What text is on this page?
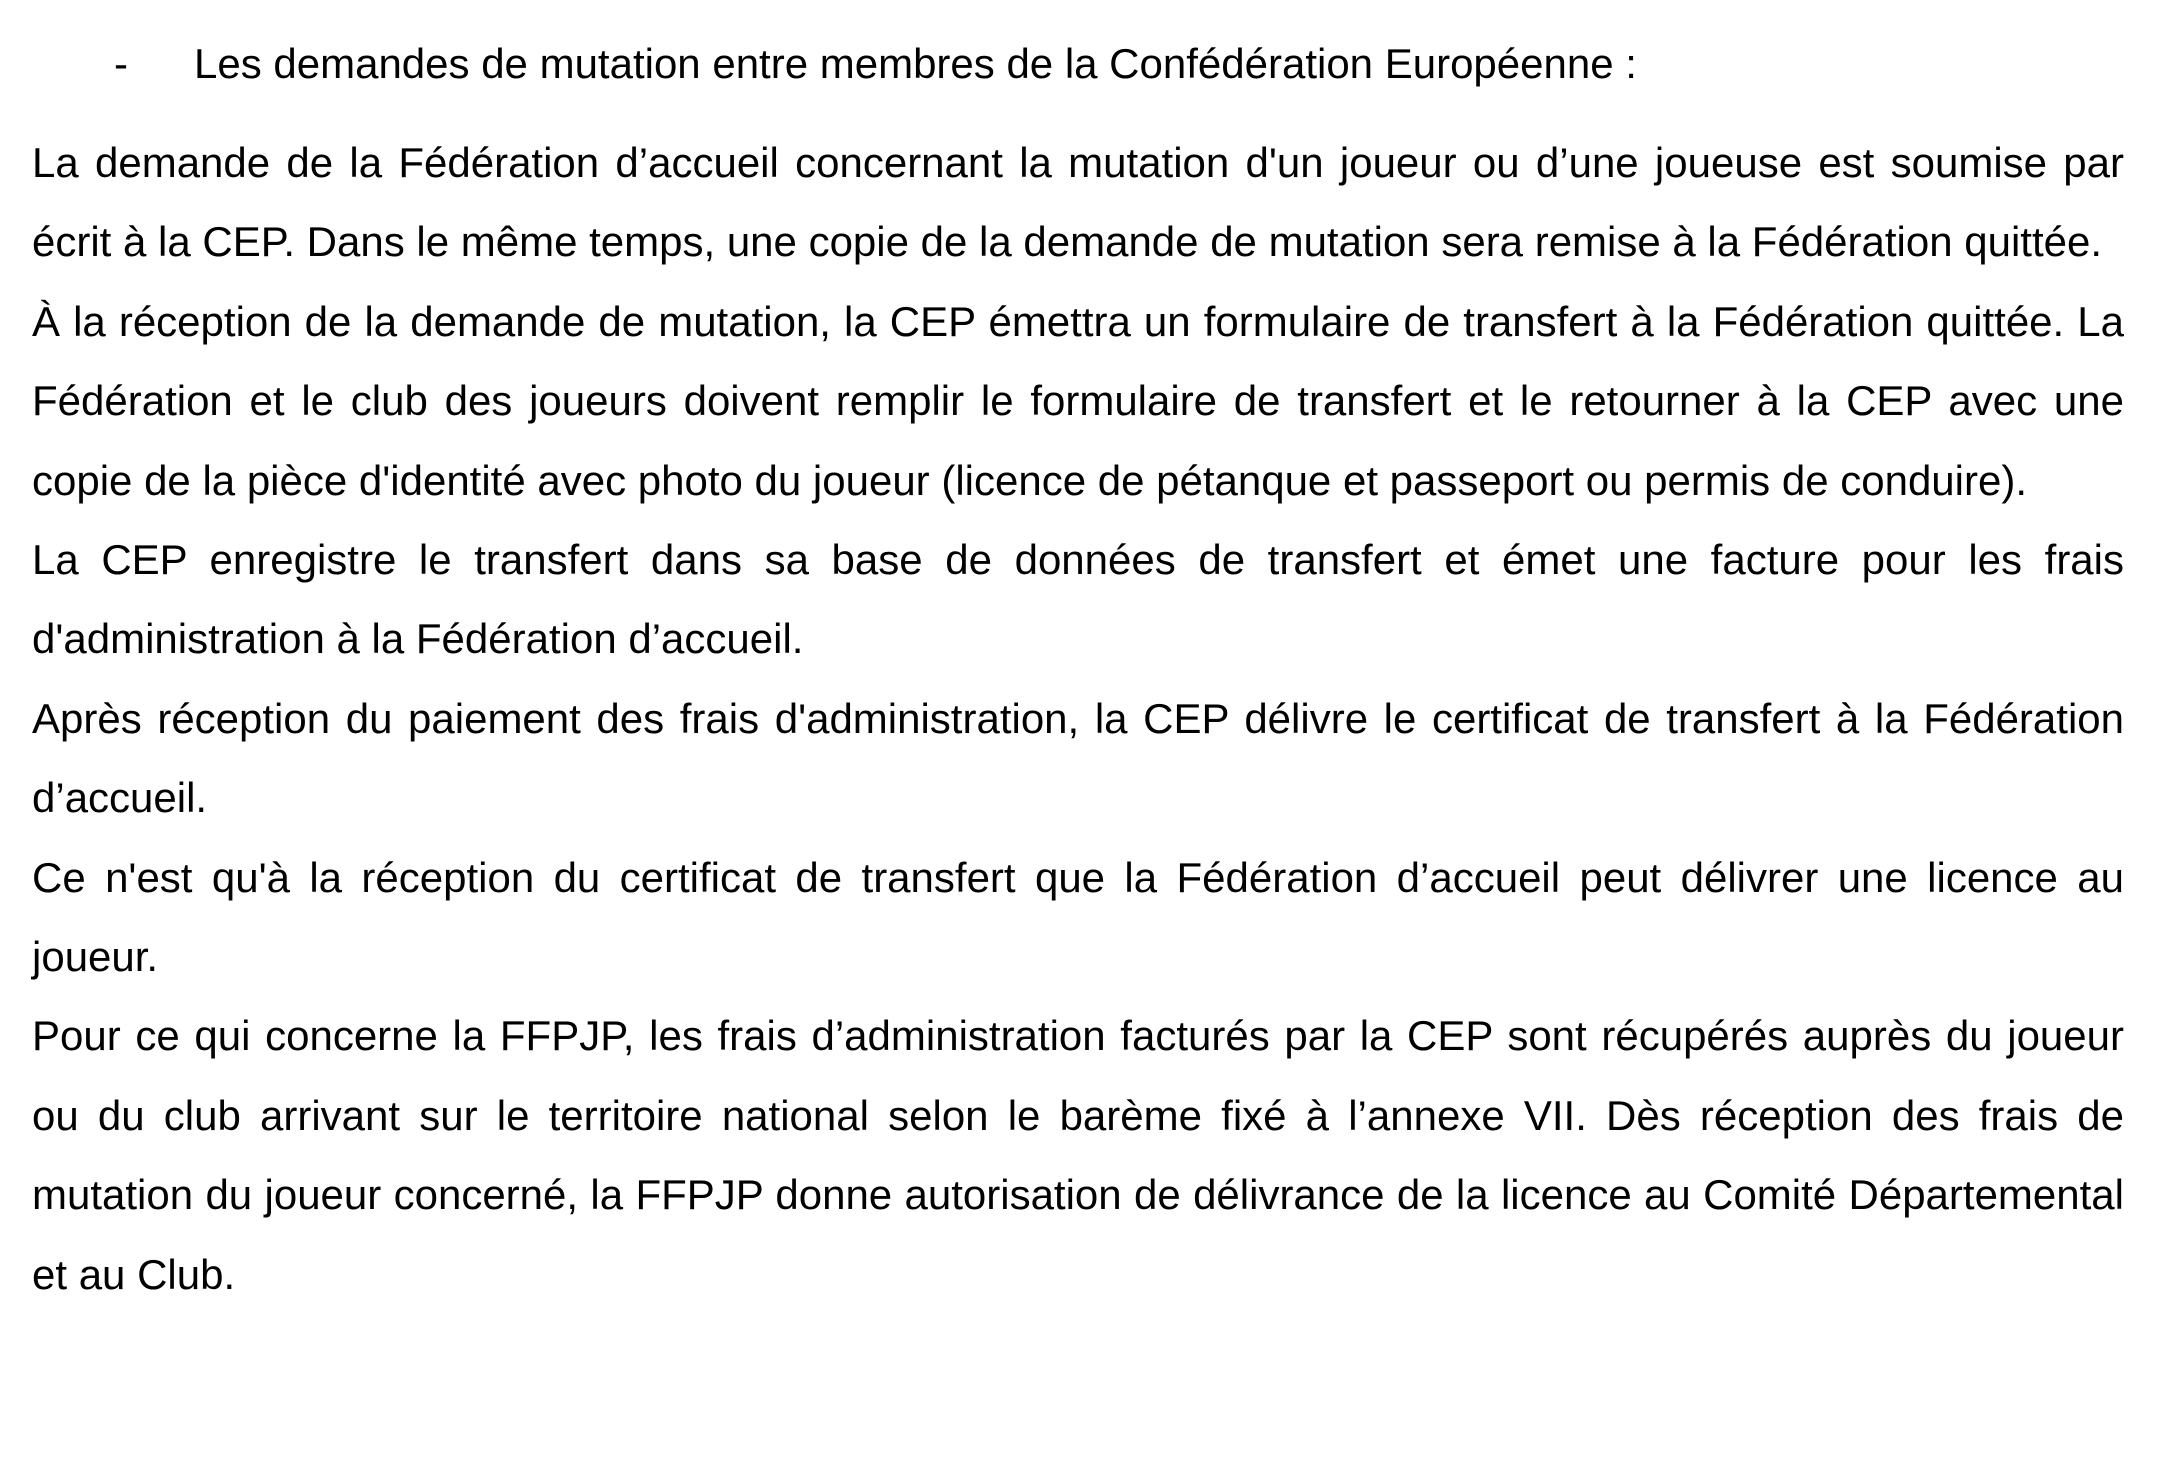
- Les demandes de mutation entre membres de la Confédération Européenne :

La demande de la Fédération d’accueil concernant la mutation d'un joueur ou d’une joueuse est soumise par écrit à la CEP. Dans le même temps, une copie de la demande de mutation sera remise à la Fédération quittée.

À la réception de la demande de mutation, la CEP émettra un formulaire de transfert à la Fédération quittée. La Fédération et le club des joueurs doivent remplir le formulaire de transfert et le retourner à la CEP avec une copie de la pièce d'identité avec photo du joueur (licence de pétanque et passeport ou permis de conduire).

La CEP enregistre le transfert dans sa base de données de transfert et émet une facture pour les frais d'administration à la Fédération d’accueil.

Après réception du paiement des frais d'administration, la CEP délivre le certificat de transfert à la Fédération d’accueil.

Ce n'est qu'à la réception du certificat de transfert que la Fédération d’accueil peut délivrer une licence au joueur.

Pour ce qui concerne la FFPJP, les frais d’administration facturés par la CEP sont récupérés auprès du joueur ou du club arrivant sur le territoire national selon le barème fixé à l’annexe VII. Dès réception des frais de mutation du joueur concerné, la FFPJP donne autorisation de délivrance de la licence au Comité Départemental et au Club.
